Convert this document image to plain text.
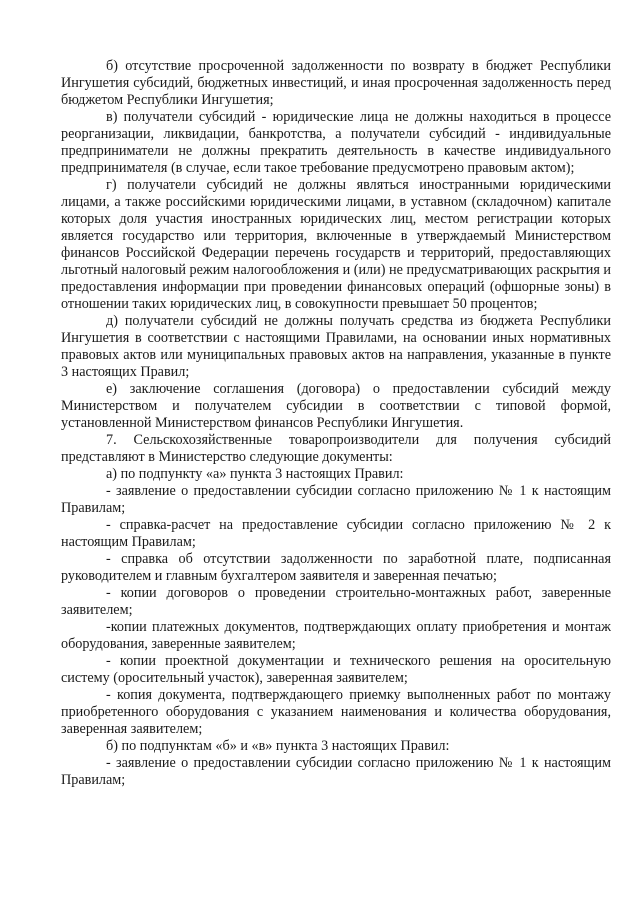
б) отсутствие просроченной задолженности по возврату в бюджет Республики Ингушетия субсидий, бюджетных инвестиций, и иная просроченная задолженность перед бюджетом Республики Ингушетия;

в) получатели субсидий - юридические лица не должны находиться в процессе реорганизации, ликвидации, банкротства, а получатели субсидий - индивидуальные предприниматели не должны прекратить деятельность в качестве индивидуального предпринимателя (в случае, если такое требование предусмотрено правовым актом);

г) получатели субсидий не должны являться иностранными юридическими лицами, а также российскими юридическими лицами, в уставном (складочном) капитале которых доля участия иностранных юридических лиц, местом регистрации которых является государство или территория, включенные в утверждаемый Министерством финансов Российской Федерации перечень государств и территорий, предоставляющих льготный налоговый режим налогообложения и (или) не предусматривающих раскрытия и предоставления информации при проведении финансовых операций (офшорные зоны) в отношении таких юридических лиц, в совокупности превышает 50 процентов;

д) получатели субсидий не должны получать средства из бюджета Республики Ингушетия в соответствии с настоящими Правилами, на основании иных нормативных правовых актов или муниципальных правовых актов на направления, указанные в пункте 3 настоящих Правил;

е) заключение соглашения (договора) о предоставлении субсидий между Министерством и получателем субсидии в соответствии с типовой формой, установленной Министерством финансов Республики Ингушетия.

7. Сельскохозяйственные товаропроизводители для получения субсидий представляют в Министерство следующие документы:

а) по подпункту «а» пункта 3 настоящих Правил:

- заявление о предоставлении субсидии согласно приложению № 1 к настоящим Правилам;

- справка-расчет на предоставление субсидии согласно приложению № 2 к настоящим Правилам;

- справка об отсутствии задолженности по заработной плате, подписанная руководителем и главным бухгалтером заявителя и заверенная печатью;

- копии договоров о проведении строительно-монтажных работ, заверенные заявителем;

-копии платежных документов, подтверждающих оплату приобретения и монтаж оборудования, заверенные заявителем;

- копии проектной документации и технического решения на оросительную систему (оросительный участок), заверенная заявителем;

- копия документа, подтверждающего приемку выполненных работ по монтажу приобретенного оборудования с указанием наименования и количества оборудования, заверенная заявителем;

б) по подпунктам «б» и «в» пункта 3 настоящих Правил:

- заявление о предоставлении субсидии согласно приложению № 1 к настоящим Правилам;
